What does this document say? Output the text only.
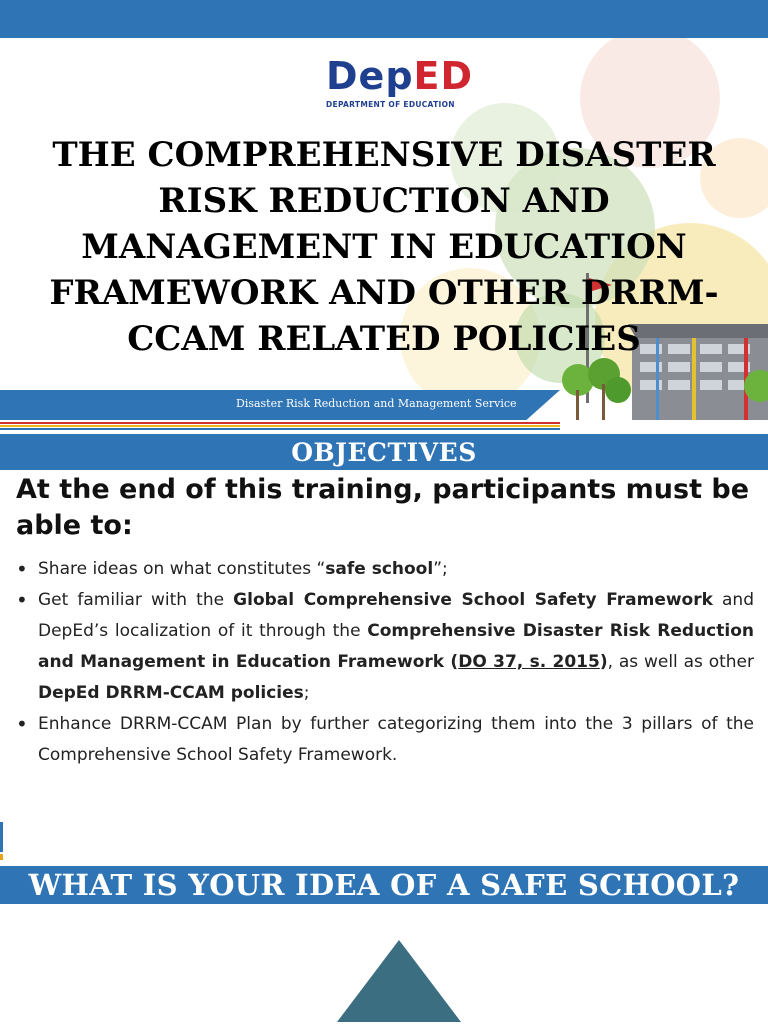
DepED
DEPARTMENT OF EDUCATION
THE COMPREHENSIVE DISASTER RISK REDUCTION AND MANAGEMENT IN EDUCATION FRAMEWORK AND OTHER DRRM-CCAM RELATED POLICIES
Disaster Risk Reduction and Management Service
OBJECTIVES

At the end of this training, participants must be able to:

• Share ideas on what constitutes “safe school”;
• Get familiar with the Global Comprehensive School Safety Framework and DepEd’s localization of it through the Comprehensive Disaster Risk Reduction and Management in Education Framework (DO 37, s. 2015), as well as other DepEd DRRM-CCAM policies;
• Enhance DRRM-CCAM Plan by further categorizing them into the 3 pillars of the Comprehensive School Safety Framework.
WHAT IS YOUR IDEA OF A SAFE SCHOOL?
